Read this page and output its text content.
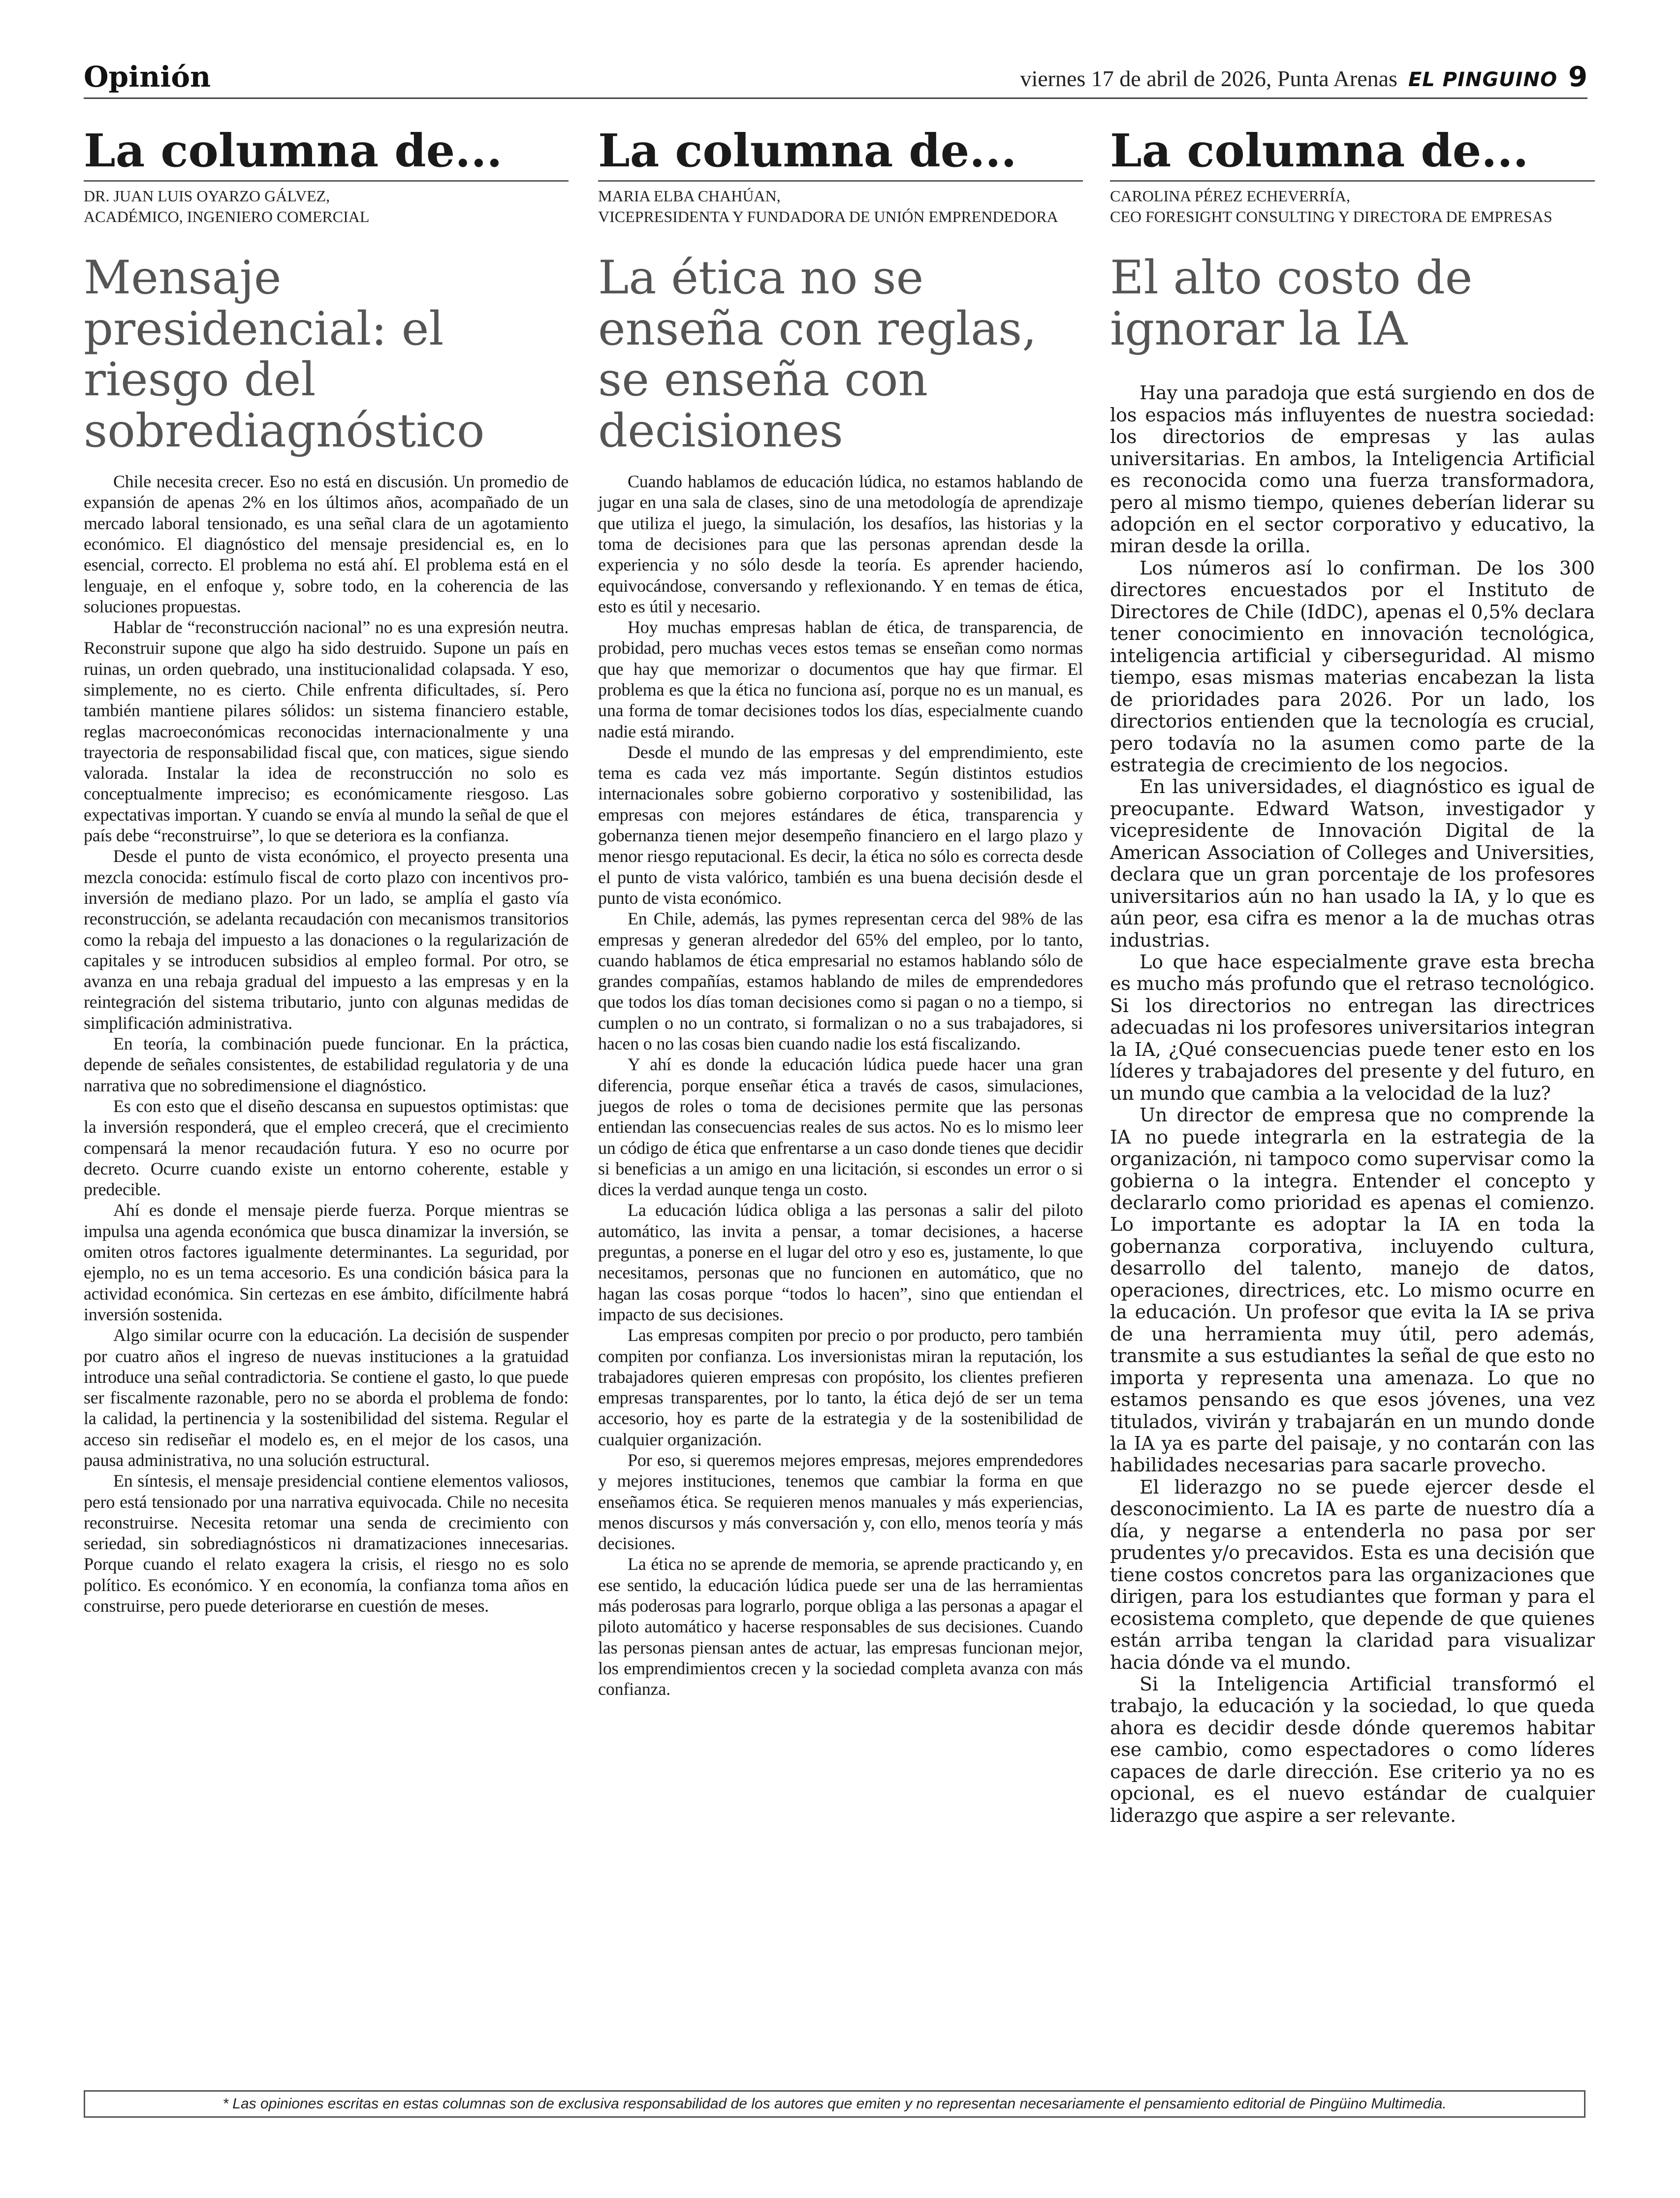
Opinión	viernes 17 de abril de 2026, Punta Arenas EL PINGUINO 9
La columna de...
DR. JUAN LUIS OYARZO GÁLVEZ,
ACADÉMICO, INGENIERO COMERCIAL
Mensaje presidencial: el riesgo del sobrediagnóstico

Chile necesita crecer. Eso no está en discusión. Un promedio de expansión de apenas 2% en los últimos años, acompañado de un mercado laboral tensionado, es una señal clara de un agotamiento económico. El diagnóstico del mensaje presidencial es, en lo esencial, correcto. El problema no está ahí. El problema está en el lenguaje, en el enfoque y, sobre todo, en la coherencia de las soluciones propuestas.

Hablar de “reconstrucción nacional” no es una expresión neutra. Reconstruir supone que algo ha sido destruido. Supone un país en ruinas, un orden quebrado, una institucionalidad colapsada. Y eso, simplemente, no es cierto. Chile enfrenta dificultades, sí. Pero también mantiene pilares sólidos: un sistema financiero estable, reglas macroeconómicas reconocidas internacionalmente y una trayectoria de responsabilidad fiscal que, con matices, sigue siendo valorada. Instalar la idea de reconstrucción no solo es conceptualmente impreciso; es económicamente riesgoso. Las expectativas importan. Y cuando se envía al mundo la señal de que el país debe “reconstruirse”, lo que se deteriora es la confianza.

Desde el punto de vista económico, el proyecto presenta una mezcla conocida: estímulo fiscal de corto plazo con incentivos pro-inversión de mediano plazo. Por un lado, se amplía el gasto vía reconstrucción, se adelanta recaudación con mecanismos transitorios como la rebaja del impuesto a las donaciones o la regularización de capitales y se introducen subsidios al empleo formal. Por otro, se avanza en una rebaja gradual del impuesto a las empresas y en la reintegración del sistema tributario, junto con algunas medidas de simplificación administrativa.

En teoría, la combinación puede funcionar. En la práctica, depende de señales consistentes, de estabilidad regulatoria y de una narrativa que no sobredimensione el diagnóstico.

Es con esto que el diseño descansa en supuestos optimistas: que la inversión responderá, que el empleo crecerá, que el crecimiento compensará la menor recaudación futura. Y eso no ocurre por decreto. Ocurre cuando existe un entorno coherente, estable y predecible.

Ahí es donde el mensaje pierde fuerza. Porque mientras se impulsa una agenda económica que busca dinamizar la inversión, se omiten otros factores igualmente determinantes. La seguridad, por ejemplo, no es un tema accesorio. Es una condición básica para la actividad económica. Sin certezas en ese ámbito, difícilmente habrá inversión sostenida.

Algo similar ocurre con la educación. La decisión de suspender por cuatro años el ingreso de nuevas instituciones a la gratuidad introduce una señal contradictoria. Se contiene el gasto, lo que puede ser fiscalmente razonable, pero no se aborda el problema de fondo: la calidad, la pertinencia y la sostenibilidad del sistema. Regular el acceso sin rediseñar el modelo es, en el mejor de los casos, una pausa administrativa, no una solución estructural.

En síntesis, el mensaje presidencial contiene elementos valiosos, pero está tensionado por una narrativa equivocada. Chile no necesita reconstruirse. Necesita retomar una senda de crecimiento con seriedad, sin sobrediagnósticos ni dramatizaciones innecesarias. Porque cuando el relato exagera la crisis, el riesgo no es solo político. Es económico. Y en economía, la confianza toma años en construirse, pero puede deteriorarse en cuestión de meses.

La columna de...
MARIA ELBA CHAHÚAN,
VICEPRESIDENTA Y FUNDADORA DE UNIÓN EMPRENDEDORA
La ética no se enseña con reglas, se enseña con decisiones

Cuando hablamos de educación lúdica, no estamos hablando de jugar en una sala de clases, sino de una metodología de aprendizaje que utiliza el juego, la simulación, los desafíos, las historias y la toma de decisiones para que las personas aprendan desde la experiencia y no sólo desde la teoría. Es aprender haciendo, equivocándose, conversando y reflexionando. Y en temas de ética, esto es útil y necesario.

Hoy muchas empresas hablan de ética, de transparencia, de probidad, pero muchas veces estos temas se enseñan como normas que hay que memorizar o documentos que hay que firmar. El problema es que la ética no funciona así, porque no es un manual, es una forma de tomar decisiones todos los días, especialmente cuando nadie está mirando.

Desde el mundo de las empresas y del emprendimiento, este tema es cada vez más importante. Según distintos estudios internacionales sobre gobierno corporativo y sostenibilidad, las empresas con mejores estándares de ética, transparencia y gobernanza tienen mejor desempeño financiero en el largo plazo y menor riesgo reputacional. Es decir, la ética no sólo es correcta desde el punto de vista valórico, también es una buena decisión desde el punto de vista económico.

En Chile, además, las pymes representan cerca del 98% de las empresas y generan alrededor del 65% del empleo, por lo tanto, cuando hablamos de ética empresarial no estamos hablando sólo de grandes compañías, estamos hablando de miles de emprendedores que todos los días toman decisiones como si pagan o no a tiempo, si cumplen o no un contrato, si formalizan o no a sus trabajadores, si hacen o no las cosas bien cuando nadie los está fiscalizando.

Y ahí es donde la educación lúdica puede hacer una gran diferencia, porque enseñar ética a través de casos, simulaciones, juegos de roles o toma de decisiones permite que las personas entiendan las consecuencias reales de sus actos. No es lo mismo leer un código de ética que enfrentarse a un caso donde tienes que decidir si beneficias a un amigo en una licitación, si escondes un error o si dices la verdad aunque tenga un costo.

La educación lúdica obliga a las personas a salir del piloto automático, las invita a pensar, a tomar decisiones, a hacerse preguntas, a ponerse en el lugar del otro y eso es, justamente, lo que necesitamos, personas que no funcionen en automático, que no hagan las cosas porque “todos lo hacen”, sino que entiendan el impacto de sus decisiones.

Las empresas compiten por precio o por producto, pero también compiten por confianza. Los inversionistas miran la reputación, los trabajadores quieren empresas con propósito, los clientes prefieren empresas transparentes, por lo tanto, la ética dejó de ser un tema accesorio, hoy es parte de la estrategia y de la sostenibilidad de cualquier organización.

Por eso, si queremos mejores empresas, mejores emprendedores y mejores instituciones, tenemos que cambiar la forma en que enseñamos ética. Se requieren menos manuales y más experiencias, menos discursos y más conversación y, con ello, menos teoría y más decisiones.

La ética no se aprende de memoria, se aprende practicando y, en ese sentido, la educación lúdica puede ser una de las herramientas más poderosas para lograrlo, porque obliga a las personas a apagar el piloto automático y hacerse responsables de sus decisiones. Cuando las personas piensan antes de actuar, las empresas funcionan mejor, los emprendimientos crecen y la sociedad completa avanza con más confianza.

La columna de...
CAROLINA PÉREZ ECHEVERRÍA,
CEO FORESIGHT CONSULTING Y DIRECTORA DE EMPRESAS
El alto costo de ignorar la IA

Hay una paradoja que está surgiendo en dos de los espacios más influyentes de nuestra sociedad: los directorios de empresas y las aulas universitarias. En ambos, la Inteligencia Artificial es reconocida como una fuerza transformadora, pero al mismo tiempo, quienes deberían liderar su adopción en el sector corporativo y educativo, la miran desde la orilla.

Los números así lo confirman. De los 300 directores encuestados por el Instituto de Directores de Chile (IdDC), apenas el 0,5% declara tener conocimiento en innovación tecnológica, inteligencia artificial y ciberseguridad. Al mismo tiempo, esas mismas materias encabezan la lista de prioridades para 2026. Por un lado, los directorios entienden que la tecnología es crucial, pero todavía no la asumen como parte de la estrategia de crecimiento de los negocios.

En las universidades, el diagnóstico es igual de preocupante. Edward Watson, investigador y vicepresidente de Innovación Digital de la American Association of Colleges and Universities, declara que un gran porcentaje de los profesores universitarios aún no han usado la IA, y lo que es aún peor, esa cifra es menor a la de muchas otras industrias.

Lo que hace especialmente grave esta brecha es mucho más profundo que el retraso tecnológico. Si los directorios no entregan las directrices adecuadas ni los profesores universitarios integran la IA, ¿Qué consecuencias puede tener esto en los líderes y trabajadores del presente y del futuro, en un mundo que cambia a la velocidad de la luz?

Un director de empresa que no comprende la IA no puede integrarla en la estrategia de la organización, ni tampoco como supervisar como la gobierna o la integra. Entender el concepto y declararlo como prioridad es apenas el comienzo. Lo importante es adoptar la IA en toda la gobernanza corporativa, incluyendo cultura, desarrollo del talento, manejo de datos, operaciones, directrices, etc. Lo mismo ocurre en la educación. Un profesor que evita la IA se priva de una herramienta muy útil, pero además, transmite a sus estudiantes la señal de que esto no importa y representa una amenaza. Lo que no estamos pensando es que esos jóvenes, una vez titulados, vivirán y trabajarán en un mundo donde la IA ya es parte del paisaje, y no contarán con las habilidades necesarias para sacarle provecho.

El liderazgo no se puede ejercer desde el desconocimiento. La IA es parte de nuestro día a día, y negarse a entenderla no pasa por ser prudentes y/o precavidos. Esta es una decisión que tiene costos concretos para las organizaciones que dirigen, para los estudiantes que forman y para el ecosistema completo, que depende de que quienes están arriba tengan la claridad para visualizar hacia dónde va el mundo.

Si la Inteligencia Artificial transformó el trabajo, la educación y la sociedad, lo que queda ahora es decidir desde dónde queremos habitar ese cambio, como espectadores o como líderes capaces de darle dirección. Ese criterio ya no es opcional, es el nuevo estándar de cualquier liderazgo que aspire a ser relevante.

* Las opiniones escritas en estas columnas son de exclusiva responsabilidad de los autores que emiten y no representan necesariamente el pensamiento editorial de Pingüino Multimedia.
